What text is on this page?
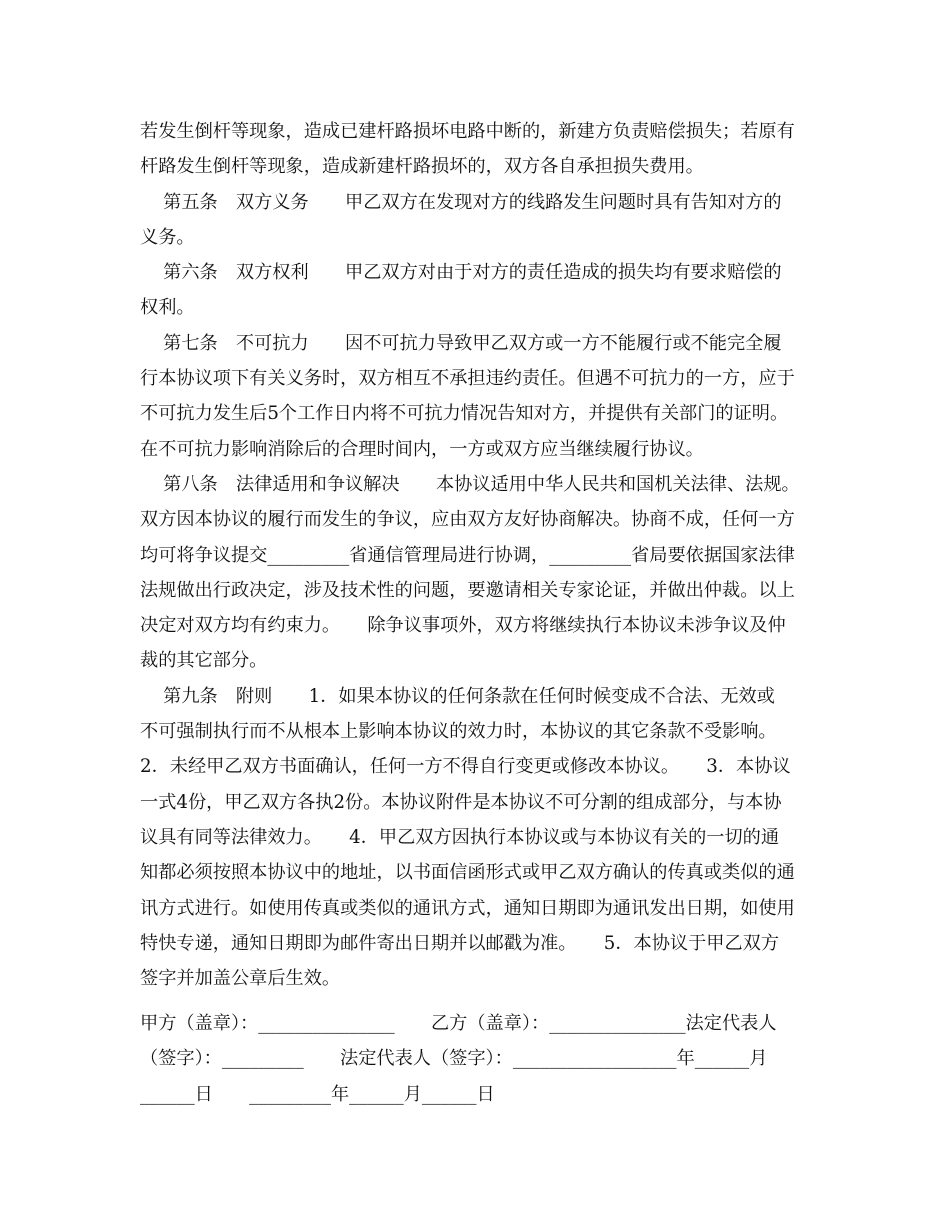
若发生倒杆等现象，造成已建杆路损坏电路中断的，新建方负责赔偿损失；若原有
杆路发生倒杆等现象，造成新建杆路损坏的，双方各自承担损失费用。
第五条　双方义务　　甲乙双方在发现对方的线路发生问题时具有告知对方的
义务。
第六条　双方权利　　甲乙双方对由于对方的责任造成的损失均有要求赔偿的
权利。
第七条　不可抗力　　因不可抗力导致甲乙双方或一方不能履行或不能完全履
行本协议项下有关义务时，双方相互不承担违约责任。但遇不可抗力的一方，应于
不可抗力发生后5个工作日内将不可抗力情况告知对方，并提供有关部门的证明。
在不可抗力影响消除后的合理时间内，一方或双方应当继续履行协议。
第八条　法律适用和争议解决　　本协议适用中华人民共和国机关法律、法规。
双方因本协议的履行而发生的争议，应由双方友好协商解决。协商不成，任何一方
均可将争议提交_________省通信管理局进行协调，_________省局要依据国家法律
法规做出行政决定，涉及技术性的问题，要邀请相关专家论证，并做出仲裁。以上
决定对双方均有约束力。　　除争议事项外，双方将继续执行本协议未涉争议及仲
裁的其它部分。
第九条　附则　　1．如果本协议的任何条款在任何时候变成不合法、无效或
不可强制执行而不从根本上影响本协议的效力时，本协议的其它条款不受影响。
2．未经甲乙双方书面确认，任何一方不得自行变更或修改本协议。　　3．本协议
一式4份，甲乙双方各执2份。本协议附件是本协议不可分割的组成部分，与本协
议具有同等法律效力。　　4．甲乙双方因执行本协议或与本协议有关的一切的通
知都必须按照本协议中的地址，以书面信函形式或甲乙双方确认的传真或类似的通
讯方式进行。如使用传真或类似的通讯方式，通知日期即为通讯发出日期，如使用
特快专递，通知日期即为邮件寄出日期并以邮戳为准。　　5．本协议于甲乙双方
签字并加盖公章后生效。
甲方（盖章）：_______________　　乙方（盖章）：_______________法定代表人
（签字）：_________　　法定代表人（签字）：__________________年______月
______日　　_________年______月______日
